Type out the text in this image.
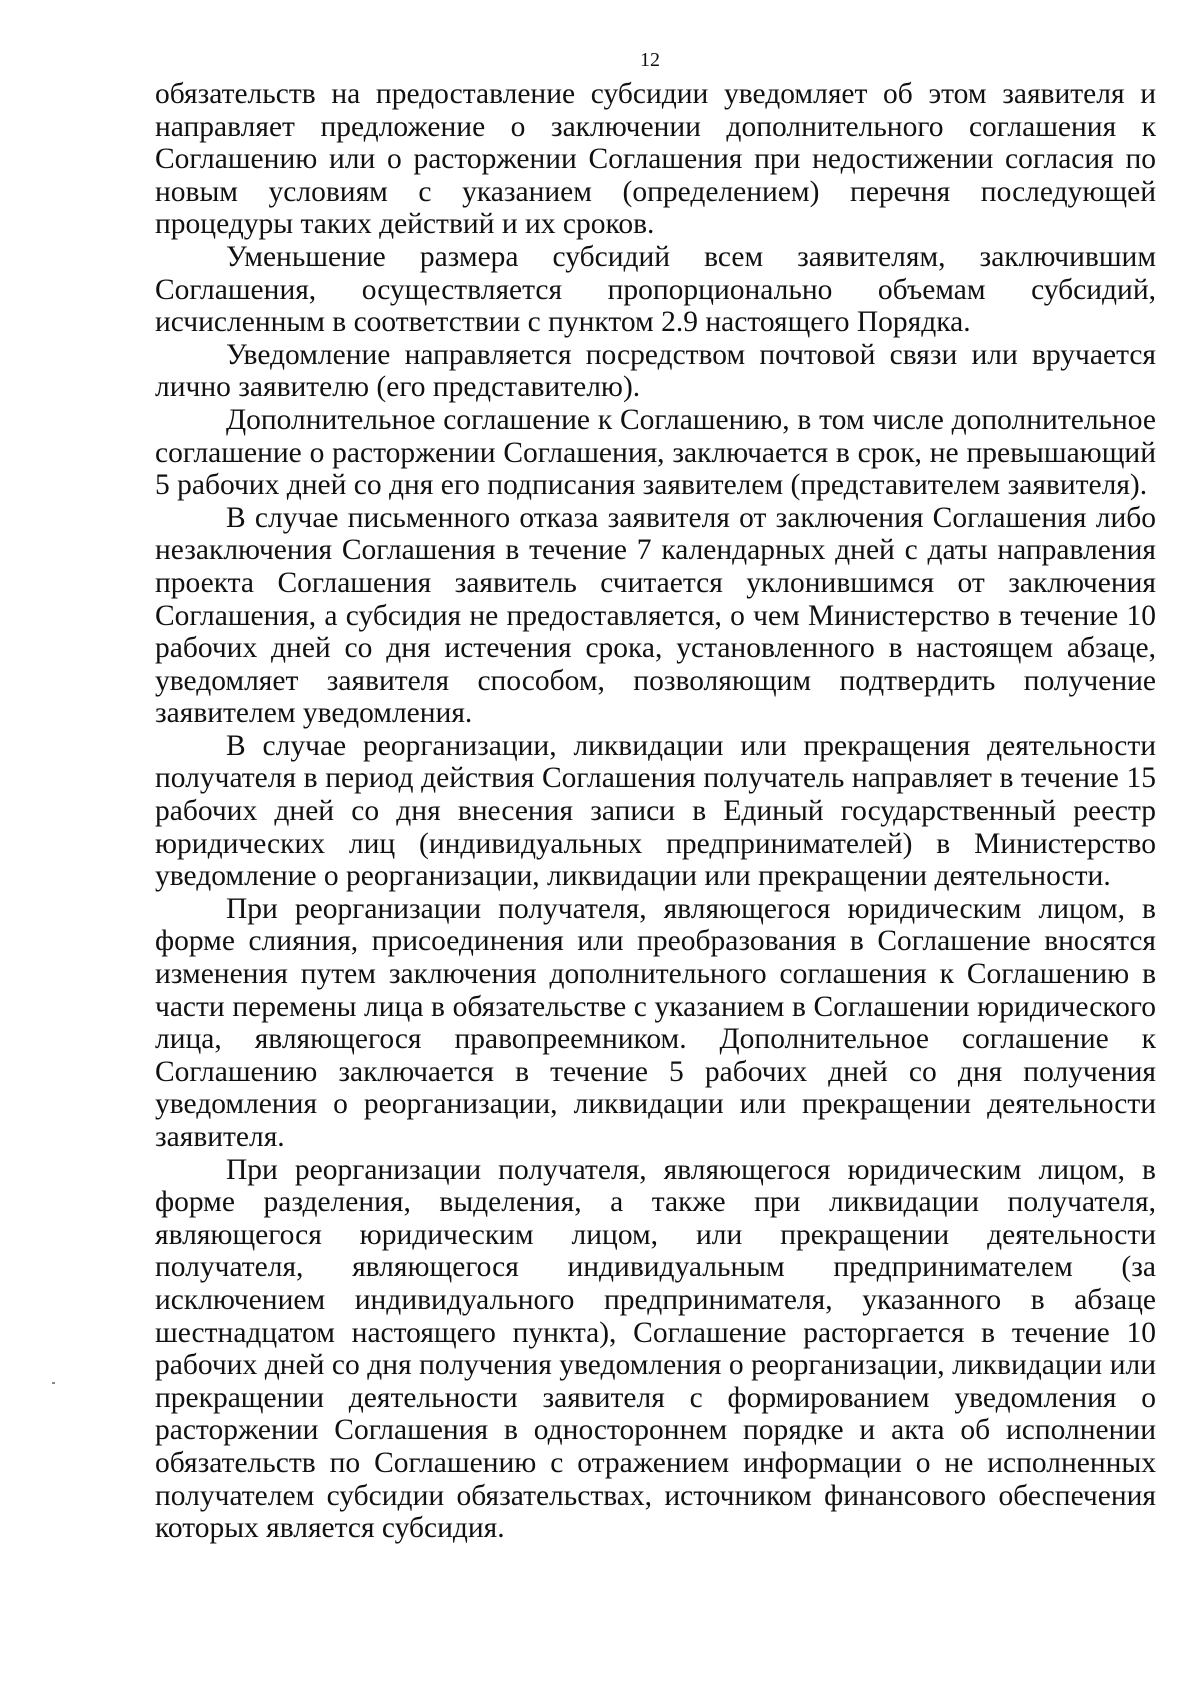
12

обязательств на предоставление субсидии уведомляет об этом заявителя и направляет предложение о заключении дополнительного соглашения к Соглашению или о расторжении Соглашения при недостижении согласия по новым условиям с указанием (определением) перечня последующей процедуры таких действий и их сроков.

Уменьшение размера субсидий всем заявителям, заключившим Соглашения, осуществляется пропорционально объемам субсидий, исчисленным в соответствии с пунктом 2.9 настоящего Порядка.

Уведомление направляется посредством почтовой связи или вручается лично заявителю (его представителю).

Дополнительное соглашение к Соглашению, в том числе дополнительное соглашение о расторжении Соглашения, заключается в срок, не превышающий 5 рабочих дней со дня его подписания заявителем (представителем заявителя).

В случае письменного отказа заявителя от заключения Соглашения либо незаключения Соглашения в течение 7 календарных дней с даты направления проекта Соглашения заявитель считается уклонившимся от заключения Соглашения, а субсидия не предоставляется, о чем Министерство в течение 10 рабочих дней со дня истечения срока, установленного в настоящем абзаце, уведомляет заявителя способом, позволяющим подтвердить получение заявителем уведомления.

В случае реорганизации, ликвидации или прекращения деятельности получателя в период действия Соглашения получатель направляет в течение 15 рабочих дней со дня внесения записи в Единый государственный реестр юридических лиц (индивидуальных предпринимателей) в Министерство уведомление о реорганизации, ликвидации или прекращении деятельности.

При реорганизации получателя, являющегося юридическим лицом, в форме слияния, присоединения или преобразования в Соглашение вносятся изменения путем заключения дополнительного соглашения к Соглашению в части перемены лица в обязательстве с указанием в Соглашении юридического лица, являющегося правопреемником. Дополнительное соглашение к Соглашению заключается в течение 5 рабочих дней со дня получения уведомления о реорганизации, ликвидации или прекращении деятельности заявителя.

При реорганизации получателя, являющегося юридическим лицом, в форме разделения, выделения, а также при ликвидации получателя, являющегося юридическим лицом, или прекращении деятельности получателя, являющегося индивидуальным предпринимателем (за исключением индивидуального предпринимателя, указанного в абзаце шестнадцатом настоящего пункта), Соглашение расторгается в течение 10 рабочих дней со дня получения уведомления о реорганизации, ликвидации или прекращении деятельности заявителя с формированием уведомления о расторжении Соглашения в одностороннем порядке и акта об исполнении обязательств по Соглашению с отражением информации о не исполненных получателем субсидии обязательствах, источником финансового обеспечения которых является субсидия.
